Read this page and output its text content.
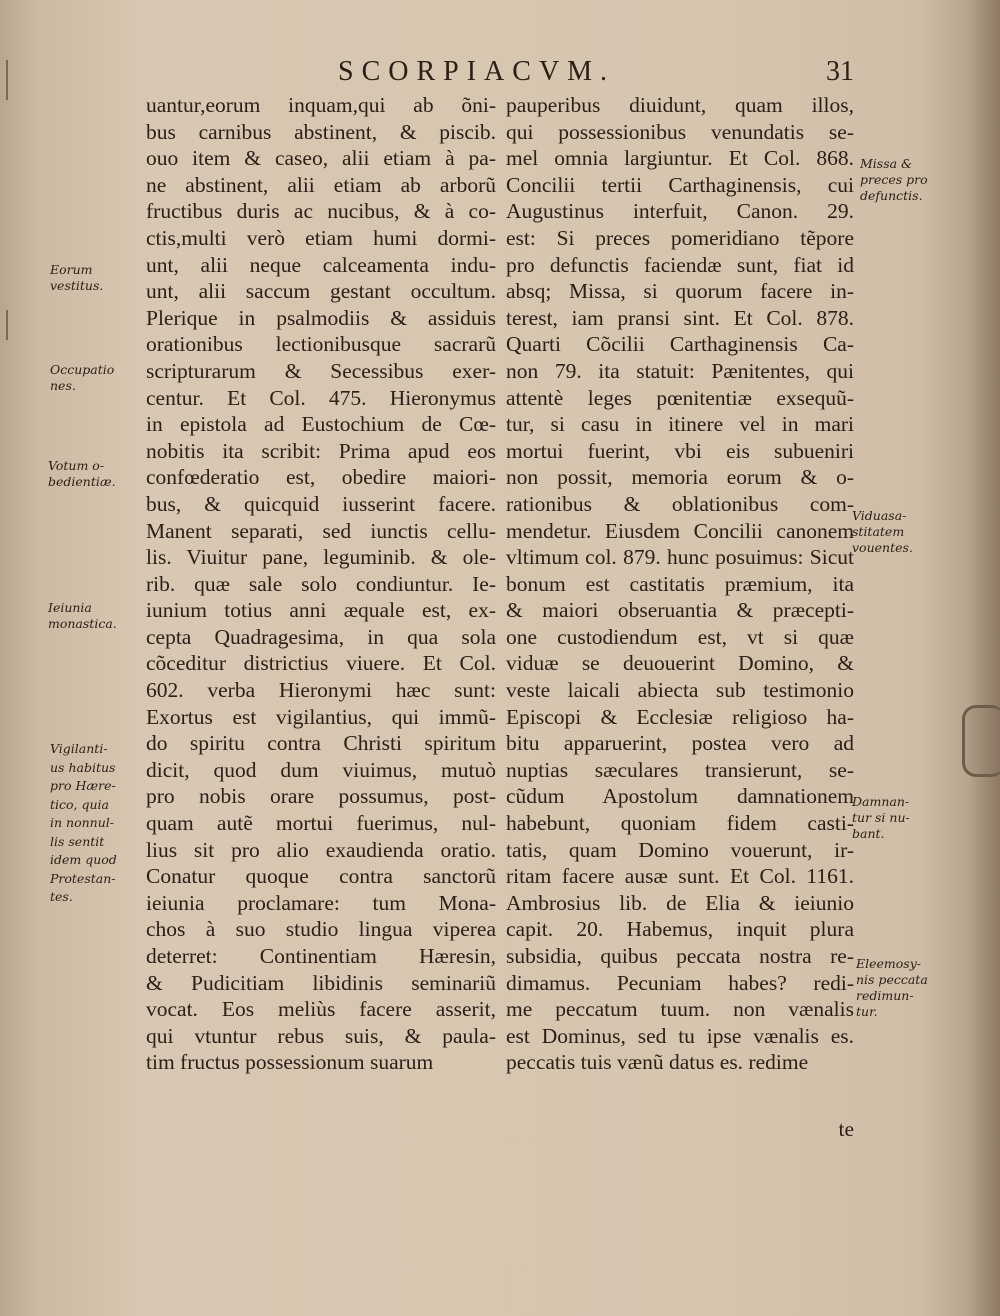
SCORPIACVM.	31
uantur,eorum inquam,qui ab õni-
bus carnibus abstinent, & piscib.
ouo item & caseo, alii etiam à pa-
ne abstinent, alii etiam ab arborũ
fructibus duris ac nucibus, & à co-
ctis,multi verò etiam humi dormi-
unt, alii neque calceamenta indu-
unt, alii saccum gestant occultum.
Plerique in psalmodiis & assiduis
orationibus lectionibusque sacrarũ
scripturarum & Secessibus exer-
centur. Et Col. 475. Hieronymus
in epistola ad Eustochium de Cœ-
nobitis ita scribit: Prima apud eos
confœderatio est, obedire maiori-
bus, & quicquid iusserint facere.
Manent separati, sed iunctis cellu-
lis. Viuitur pane, leguminib. & ole-
rib. quæ sale solo condiuntur. Ie-
iunium totius anni æquale est, ex-
cepta Quadragesima, in qua sola
cõceditur districtius viuere. Et Col.
602. verba Hieronymi hæc sunt:
Exortus est vigilantius, qui immũ-
do spiritu contra Christi spiritum
dicit, quod dum viuimus, mutuò
pro nobis orare possumus, post-
quam autẽ mortui fuerimus, nul-
lius sit pro alio exaudienda oratio.
Conatur quoque contra sanctorũ
ieiunia proclamare: tum Mona-
chos à suo studio lingua viperea
deterret: Continentiam Hæresin,
& Pudicitiam libidinis seminariũ
vocat. Eos meliùs facere asserit,
qui vtuntur rebus suis, & paula-
tim fructus possessionum suarum
pauperibus diuidunt, quam illos,
qui possessionibus venundatis se-
mel omnia largiuntur. Et Col. 868.
Concilii tertii Carthaginensis, cui
Augustinus interfuit, Canon. 29.
est: Si preces pomeridiano tẽpore
pro defunctis faciendæ sunt, fiat id
absq; Missa, si quorum facere in-
terest, iam pransi sint. Et Col. 878.
Quarti Cõcilii Carthaginensis Ca-
non 79. ita statuit: Pænitentes, qui
attentè leges pœnitentiæ exsequũ-
tur, si casu in itinere vel in mari
mortui fuerint, vbi eis subueniri
non possit, memoria eorum & o-
rationibus & oblationibus com-
mendetur. Eiusdem Concilii canonem
vltimum col. 879. hunc posuimus: Sicut
bonum est castitatis præmium, ita
& maiori obseruantia & præcepti-
one custodiendum est, vt si quæ
viduæ se deuouerint Domino, &
veste laicali abiecta sub testimonio
Episcopi & Ecclesiæ religioso ha-
bitu apparuerint, postea vero ad
nuptias sæculares transierunt, se-
cũdum Apostolum damnationem
habebunt, quoniam fidem casti-
tatis, quam Domino vouerunt, ir-
ritam facere ausæ sunt. Et Col. 1161.
Ambrosius lib. de Elia & ieiunio
capit. 20. Habemus, inquit plura
subsidia, quibus peccata nostra re-
dimamus. Pecuniam habes? redi-
me peccatum tuum. non vænalis
est Dominus, sed tu ipse vænalis es.
peccatis tuis vænũ datus es. redime
Eorum
vestitus.
Occupatio
nes.
Votum o-
bedientiæ.
Ieiunia
monastica.
Vigilanti-
us habitus
pro Hære-
tico, quia
in nonnul-
lis sentit
idem quod
Protestan-
tes.
Missa &
preces pro
defunctis.
Viduasa-
stitatem
vouentes.
Damnan-
tur si nu-
bant.
Eleemosy-
nis peccata
redimun-
tur.
te
